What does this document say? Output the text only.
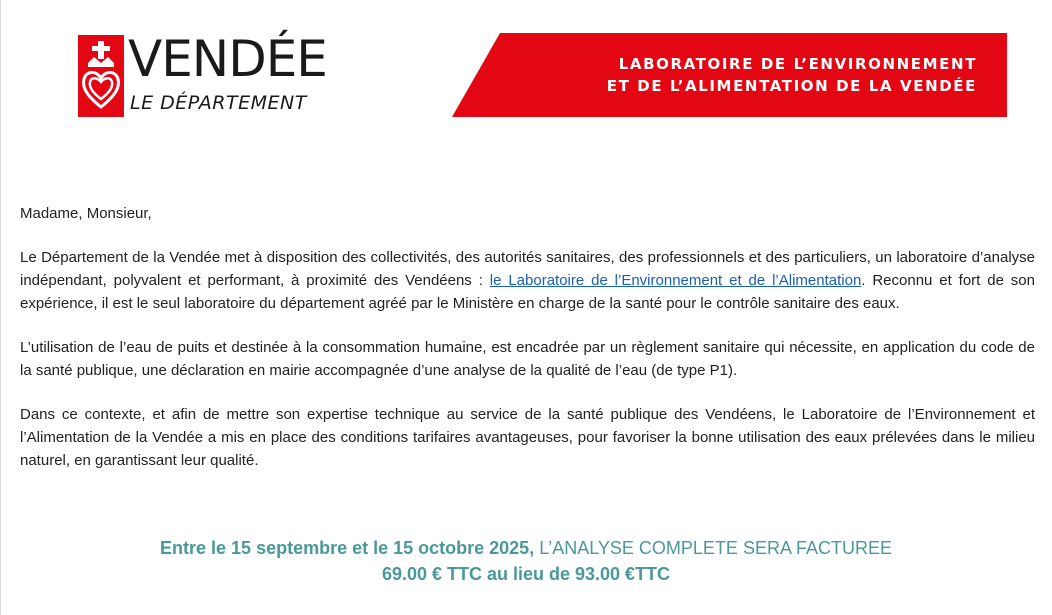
VENDÉE
LE DÉPARTEMENT
LABORATOIRE DE L’ENVIRONNEMENT
ET DE L’ALIMENTATION DE LA VENDÉE

Madame, Monsieur,

Le Département de la Vendée met à disposition des collectivités, des autorités sanitaires, des professionnels et des particuliers, un laboratoire d’analyse indépendant, polyvalent et performant, à proximité des Vendéens : le Laboratoire de l’Environnement et de l’Alimentation. Reconnu et fort de son expérience, il est le seul laboratoire du département agréé par le Ministère en charge de la santé pour le contrôle sanitaire des eaux.

L’utilisation de l’eau de puits et destinée à la consommation humaine, est encadrée par un règlement sanitaire qui nécessite, en application du code de la santé publique, une déclaration en mairie accompagnée d’une analyse de la qualité de l’eau (de type P1).

Dans ce contexte, et afin de mettre son expertise technique au service de la santé publique des Vendéens, le Laboratoire de l’Environnement et l’Alimentation de la Vendée a mis en place des conditions tarifaires avantageuses, pour favoriser la bonne utilisation des eaux prélevées dans le milieu naturel, en garantissant leur qualité.

Entre le 15 septembre et le 15 octobre 2025, L’ANALYSE COMPLETE SERA FACTUREE
69.00 € TTC au lieu de 93.00 €TTC
